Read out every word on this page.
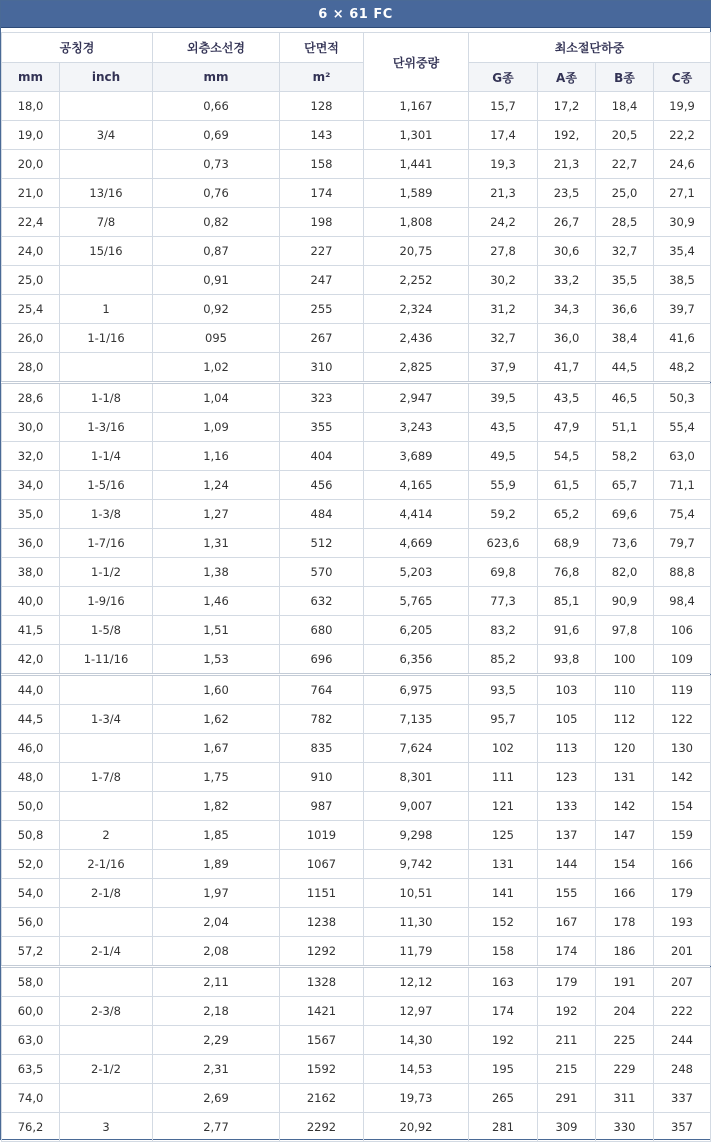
6 × 61 FC
공칭경		외층소선경	단면적	단위중량	최소절단하중			
mm	inch	mm	m²		G종	A종	B종	C종
18,0		0,66	128	1,167	15,7	17,2	18,4	19,9
19,0	3/4	0,69	143	1,301	17,4	192,	20,5	22,2
20,0		0,73	158	1,441	19,3	21,3	22,7	24,6
21,0	13/16	0,76	174	1,589	21,3	23,5	25,0	27,1
22,4	7/8	0,82	198	1,808	24,2	26,7	28,5	30,9
24,0	15/16	0,87	227	20,75	27,8	30,6	32,7	35,4
25,0		0,91	247	2,252	30,2	33,2	35,5	38,5
25,4	1	0,92	255	2,324	31,2	34,3	36,6	39,7
26,0	1-1/16	095	267	2,436	32,7	36,0	38,4	41,6
28,0		1,02	310	2,825	37,9	41,7	44,5	48,2
28,6	1-1/8	1,04	323	2,947	39,5	43,5	46,5	50,3
30,0	1-3/16	1,09	355	3,243	43,5	47,9	51,1	55,4
32,0	1-1/4	1,16	404	3,689	49,5	54,5	58,2	63,0
34,0	1-5/16	1,24	456	4,165	55,9	61,5	65,7	71,1
35,0	1-3/8	1,27	484	4,414	59,2	65,2	69,6	75,4
36,0	1-7/16	1,31	512	4,669	623,6	68,9	73,6	79,7
38,0	1-1/2	1,38	570	5,203	69,8	76,8	82,0	88,8
40,0	1-9/16	1,46	632	5,765	77,3	85,1	90,9	98,4
41,5	1-5/8	1,51	680	6,205	83,2	91,6	97,8	106
42,0	1-11/16	1,53	696	6,356	85,2	93,8	100	109
44,0		1,60	764	6,975	93,5	103	110	119
44,5	1-3/4	1,62	782	7,135	95,7	105	112	122
46,0		1,67	835	7,624	102	113	120	130
48,0	1-7/8	1,75	910	8,301	111	123	131	142
50,0		1,82	987	9,007	121	133	142	154
50,8	2	1,85	1019	9,298	125	137	147	159
52,0	2-1/16	1,89	1067	9,742	131	144	154	166
54,0	2-1/8	1,97	1151	10,51	141	155	166	179
56,0		2,04	1238	11,30	152	167	178	193
57,2	2-1/4	2,08	1292	11,79	158	174	186	201
58,0		2,11	1328	12,12	163	179	191	207
60,0	2-3/8	2,18	1421	12,97	174	192	204	222
63,0		2,29	1567	14,30	192	211	225	244
63,5	2-1/2	2,31	1592	14,53	195	215	229	248
74,0		2,69	2162	19,73	265	291	311	337
76,2	3	2,77	2292	20,92	281	309	330	357
